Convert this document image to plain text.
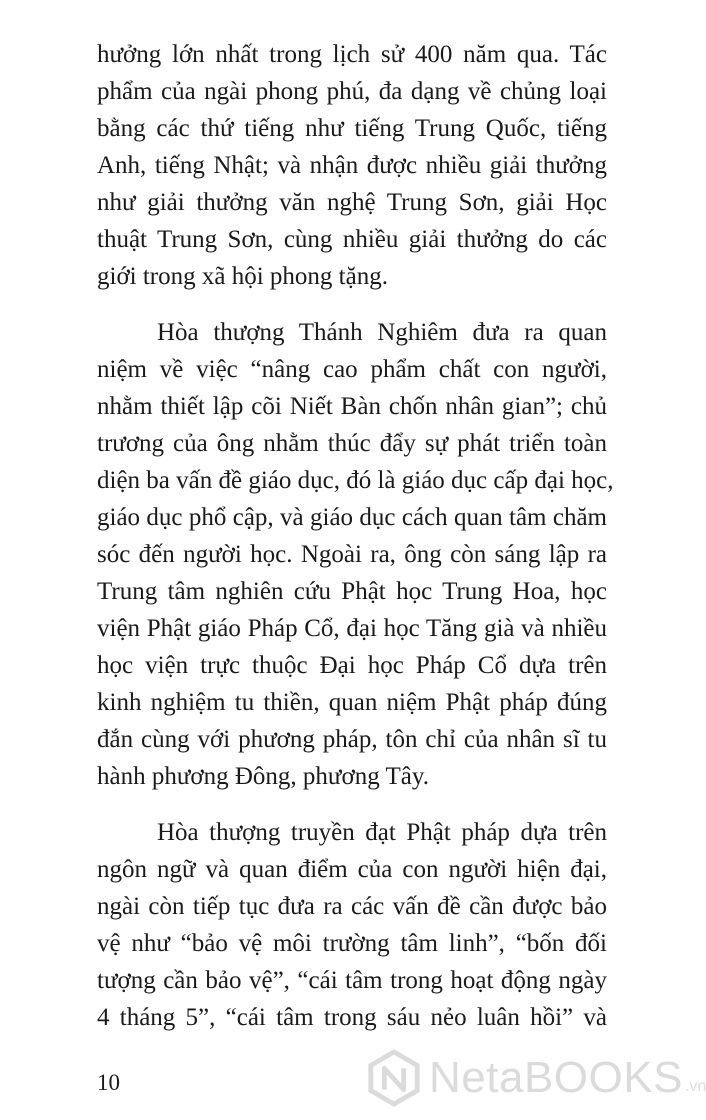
hưởng lớn nhất trong lịch sử 400 năm qua. Tác
phẩm của ngài phong phú, đa dạng về chủng loại
bằng các thứ tiếng như tiếng Trung Quốc, tiếng
Anh, tiếng Nhật; và nhận được nhiều giải thưởng
như giải thưởng văn nghệ Trung Sơn, giải Học
thuật Trung Sơn, cùng nhiều giải thưởng do các
giới trong xã hội phong tặng.
Hòa thượng Thánh Nghiêm đưa ra quan
niệm về việc “nâng cao phẩm chất con người,
nhằm thiết lập cõi Niết Bàn chốn nhân gian”; chủ
trương của ông nhằm thúc đẩy sự phát triển toàn
diện ba vấn đề giáo dục, đó là giáo dục cấp đại học,
giáo dục phổ cập, và giáo dục cách quan tâm chăm
sóc đến người học. Ngoài ra, ông còn sáng lập ra
Trung tâm nghiên cứu Phật học Trung Hoa, học
viện Phật giáo Pháp Cổ, đại học Tăng già và nhiều
học viện trực thuộc Đại học Pháp Cổ dựa trên
kinh nghiệm tu thiền, quan niệm Phật pháp đúng
đắn cùng với phương pháp, tôn chỉ của nhân sĩ tu
hành phương Đông, phương Tây.
Hòa thượng truyền đạt Phật pháp dựa trên
ngôn ngữ và quan điểm của con người hiện đại,
ngài còn tiếp tục đưa ra các vấn đề cần được bảo
vệ như “bảo vệ môi trường tâm linh”, “bốn đối
tượng cần bảo vệ”, “cái tâm trong hoạt động ngày
4 tháng 5”, “cái tâm trong sáu nẻo luân hồi” và
10	NetaBOOKS .vn
